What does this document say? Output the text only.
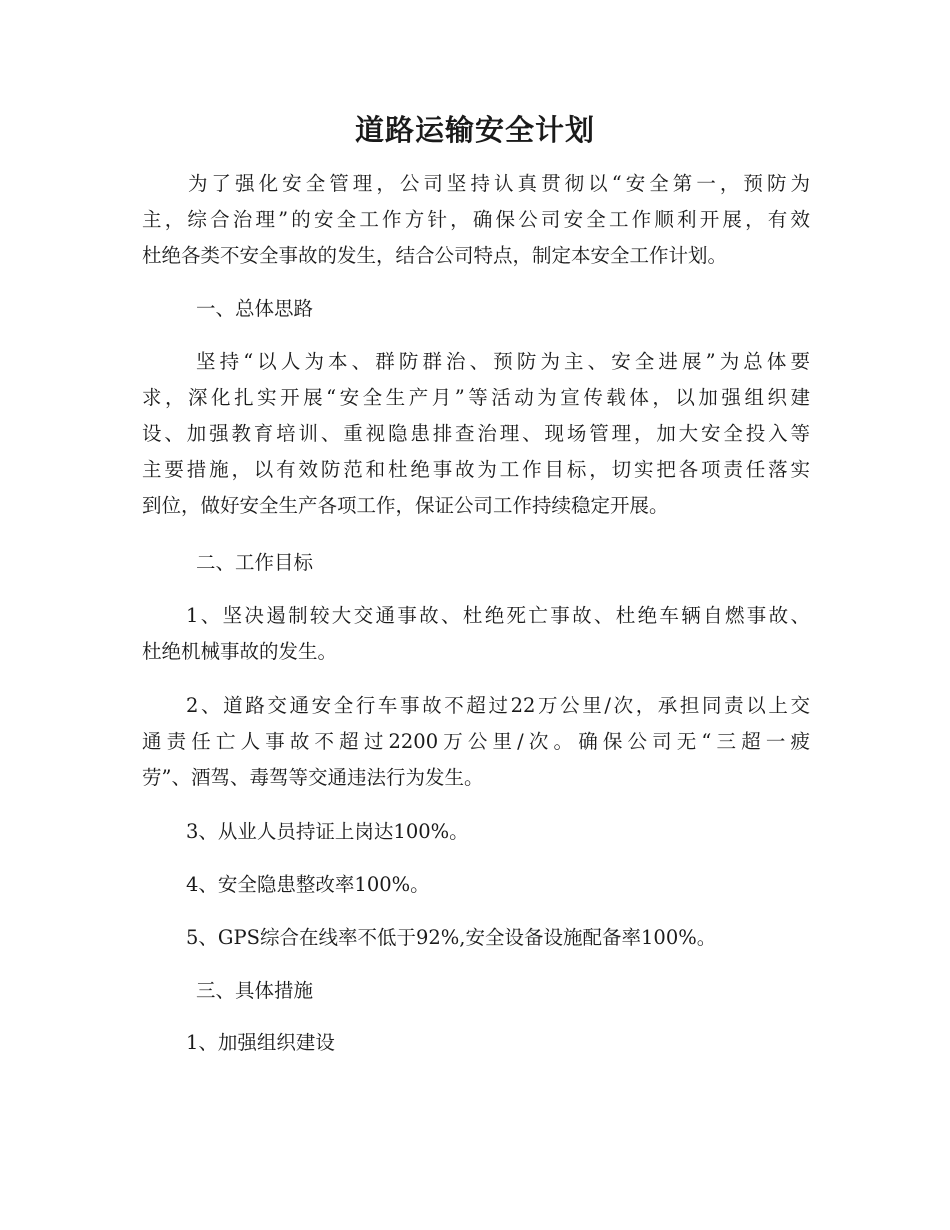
道路运输安全计划
为了强化安全管理，公司坚持认真贯彻以“安全第一，预防为
主，综合治理”的安全工作方针，确保公司安全工作顺利开展，有效
杜绝各类不安全事故的发生，结合公司特点，制定本安全工作计划。
一、总体思路
坚持“以人为本、群防群治、预防为主、安全进展”为总体要
求，深化扎实开展“安全生产月”等活动为宣传载体，以加强组织建
设、加强教育培训、重视隐患排查治理、现场管理，加大安全投入等
主要措施，以有效防范和杜绝事故为工作目标，切实把各项责任落实
到位，做好安全生产各项工作，保证公司工作持续稳定开展。
二、工作目标
1、坚决遏制较大交通事故、杜绝死亡事故、杜绝车辆自燃事故、
杜绝机械事故的发生。
2、道路交通安全行车事故不超过22万公里/次，承担同责以上交
通责任亡人事故不超过2200万公里/次。确保公司无“三超一疲
劳”、酒驾、毒驾等交通违法行为发生。
3、从业人员持证上岗达100%。
4、安全隐患整改率100%。
5、GPS综合在线率不低于92%,安全设备设施配备率100%。
三、具体措施
1、加强组织建设
